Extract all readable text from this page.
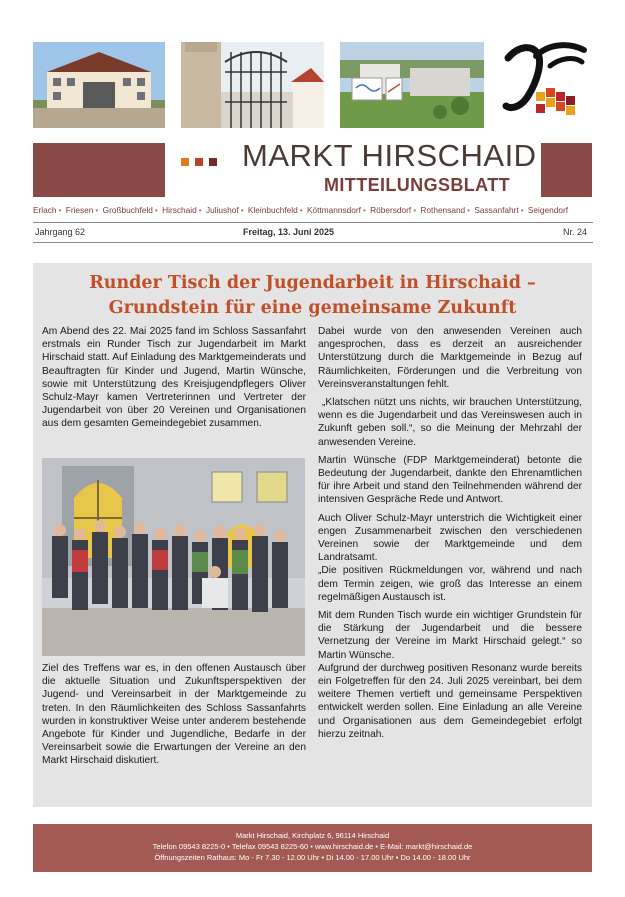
MARKT HIRSCHAID
MITTEILUNGSBLATT
Erlach • Friesen • Großbuchfeld • Hirschaid • Juliushof • Kleinbuchfeld • Köttmannsdorf • Röbersdorf • Rothensand • Sassanfahrt • Seigendorf
Jahrgang 62	Freitag, 13. Juni 2025	Nr. 24
Runder Tisch der Jugendarbeit in Hirschaid –
Grundstein für eine gemeinsame Zukunft

Am Abend des 22. Mai 2025 fand im Schloss Sassanfahrt erstmals ein Runder Tisch zur Jugendarbeit im Markt Hirschaid statt. Auf Einladung des Marktgemeinderats und Beauftragten für Kinder und Jugend, Martin Wünsche, sowie mit Unterstützung des Kreisjugendpflegers Oliver Schulz-Mayr kamen Vertreterinnen und Vertreter der Jugendarbeit von über 20 Vereinen und Organisationen aus dem gesamten Gemeindegebiet zusammen.

Ziel des Treffens war es, in den offenen Austausch über die aktuelle Situation und Zukunftsperspektiven der Jugend- und Vereinsarbeit in der Marktgemeinde zu treten. In den Räumlichkeiten des Schloss Sassanfahrts wurden in konstruktiver Weise unter anderem bestehende Angebote für Kinder und Jugendliche, Bedarfe in der Vereinsarbeit sowie die Erwartungen der Vereine an den Markt Hirschaid diskutiert.

Dabei wurde von den anwesenden Vereinen auch angesprochen, dass es derzeit an ausreichender Unterstützung durch die Marktgemeinde in Bezug auf Räumlichkeiten, Förderungen und die Verbreitung von Vereinsveranstaltungen fehlt.

„Klatschen nützt uns nichts, wir brauchen Unterstützung, wenn es die Jugendarbeit und das Vereinswesen auch in Zukunft geben soll.“, so die Meinung der Mehrzahl der anwesenden Vereine.

Martin Wünsche (FDP Marktgemeinderat) betonte die Bedeutung der Jugendarbeit, dankte den Ehrenamtlichen für ihre Arbeit und stand den Teilnehmenden während der intensiven Gespräche Rede und Antwort.

Auch Oliver Schulz-Mayr unterstrich die Wichtigkeit einer engen Zusammenarbeit zwischen den verschiedenen Vereinen sowie der Marktgemeinde und dem Landratsamt.

„Die positiven Rückmeldungen vor, während und nach dem Termin zeigen, wie groß das Interesse an einem regelmäßigen Austausch ist.

Mit dem Runden Tisch wurde ein wichtiger Grundstein für die Stärkung der Jugendarbeit und die bessere Vernetzung der Vereine im Markt Hirschaid gelegt.“ so Martin Wünsche.

Aufgrund der durchweg positiven Resonanz wurde bereits ein Folgetreffen für den 24. Juli 2025 vereinbart, bei dem weitere Themen vertieft und gemeinsame Perspektiven entwickelt werden sollen. Eine Einladung an alle Vereine und Organisationen aus dem Gemeindegebiet erfolgt hierzu zeitnah.

Markt Hirschaid, Kirchplatz 6, 96114 Hirschaid
Telefon 09543 8225-0 • Telefax 09543 8225-60 • www.hirschaid.de • E-Mail: markt@hirschaid.de
Öffnungszeiten Rathaus: Mo - Fr 7.30 - 12.00 Uhr • Di 14.00 - 17.00 Uhr • Do 14.00 - 18.00 Uhr
